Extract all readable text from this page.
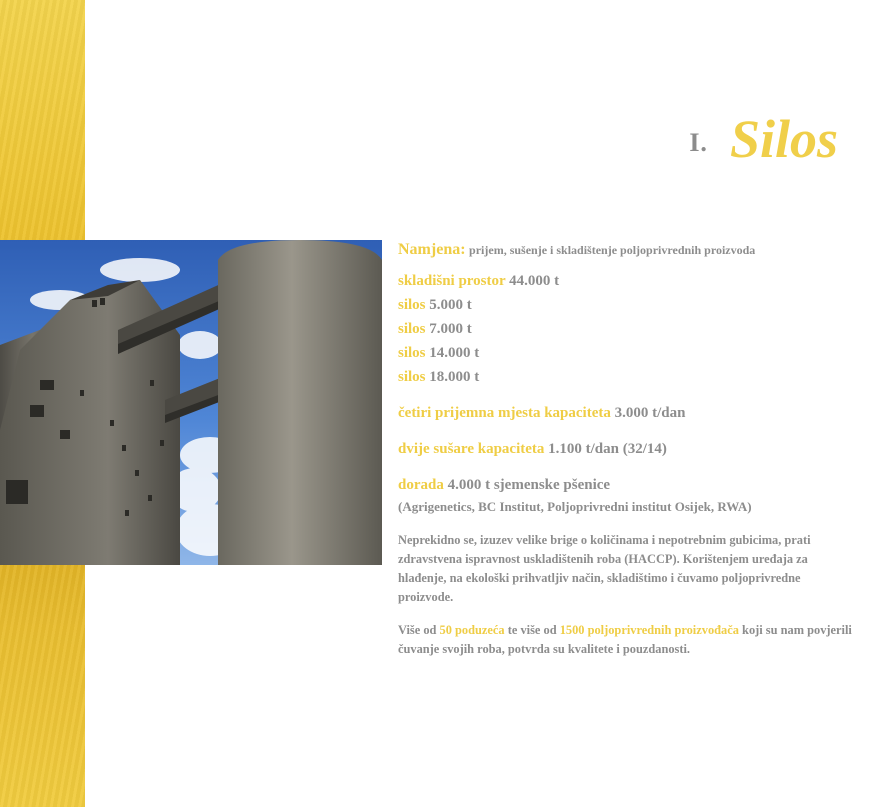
I. Silos

Namjena: prijem, sušenje i skladištenje poljoprivrednih proizvoda

skladišni prostor 44.000 t

silos 5.000 t

silos 7.000 t

silos 14.000 t

silos 18.000 t

četiri prijemna mjesta kapaciteta 3.000 t/dan

dvije sušare kapaciteta 1.100 t/dan (32/14)

dorada 4.000 t sjemenske pšenice

(Agrigenetics, BC Institut, Poljoprivredni institut Osijek, RWA)

Neprekidno se, izuzev velike brige o količinama i nepotrebnim gubicima, prati zdravstvena ispravnost uskladištenih roba (HACCP). Korištenjem uređaja za hlađenje, na ekološki prihvatljiv način, skladištimo i čuvamo poljoprivredne proizvode.

Više od 50 poduzeća te više od 1500 poljoprivrednih proizvođača koji su nam povjerili čuvanje svojih roba, potvrda su kvalitete i pouzdanosti.
